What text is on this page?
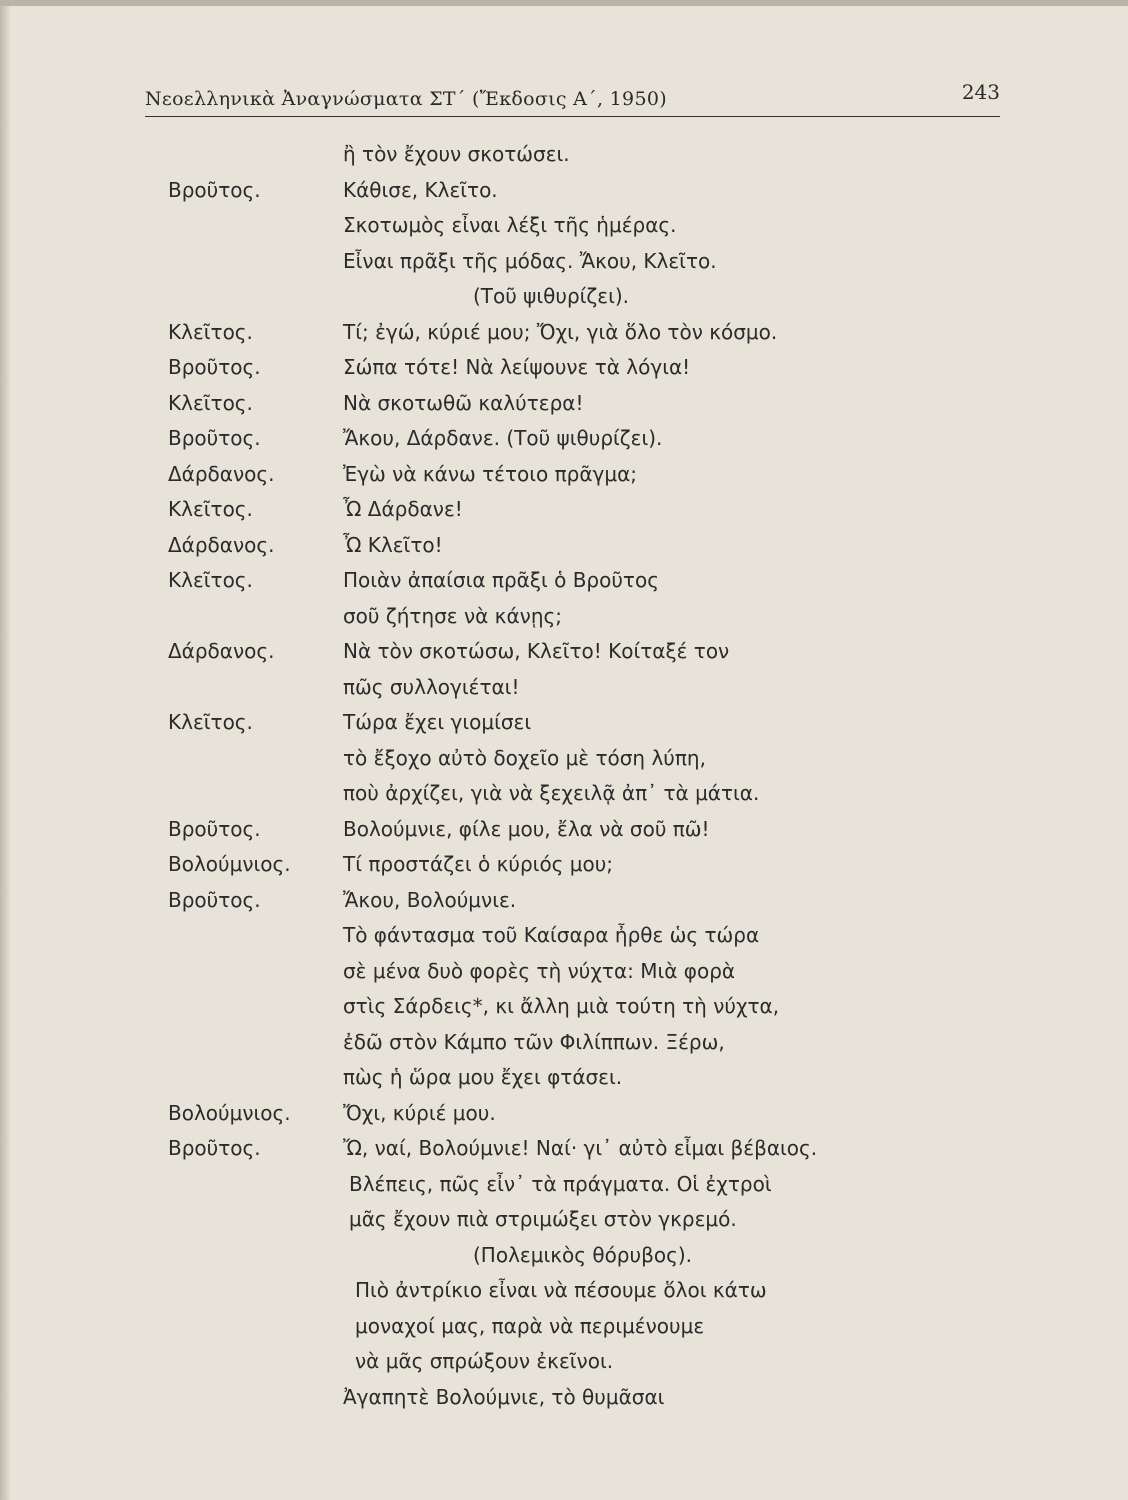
Νεοελληνικὰ Ἀναγνώσματα ΣΤ΄ (Ἔκδοσις Α΄, 1950)	243
ἢ τὸν ἔχουν σκοτώσει.
Βροῦτος.	Κάθισε, Κλεῖτο.
Σκοτωμὸς εἶναι λέξι τῆς ἡμέρας.
Εἶναι πρᾶξι τῆς μόδας. Ἄκου, Κλεῖτο.
(Τοῦ ψιθυρίζει).
Κλεῖτος.	Τί; ἐγώ, κύριέ μου; Ὄχι, γιὰ ὅλο τὸν κόσμο.
Βροῦτος.	Σώπα τότε! Νὰ λείψουνε τὰ λόγια!
Κλεῖτος.	Νὰ σκοτωθῶ καλύτερα!
Βροῦτος.	Ἄκου, Δάρδανε. (Τοῦ ψιθυρίζει).
Δάρδανος.	Ἐγὼ νὰ κάνω τέτοιο πρᾶγμα;
Κλεῖτος.	Ὦ Δάρδανε!
Δάρδανος.	Ὦ Κλεῖτο!
Κλεῖτος.	Ποιὰν ἀπαίσια πρᾶξι ὁ Βροῦτος
σοῦ ζήτησε νὰ κάνῃς;
Δάρδανος.	Νὰ τὸν σκοτώσω, Κλεῖτο! Κοίταξέ τον
πῶς συλλογιέται!
Κλεῖτος.	Τώρα ἔχει γιομίσει
τὸ ἔξοχο αὐτὸ δοχεῖο μὲ τόση λύπη,
ποὺ ἀρχίζει, γιὰ νὰ ξεχειλᾷ ἀπ᾽ τὰ μάτια.
Βροῦτος.	Βολούμνιε, φίλε μου, ἔλα νὰ σοῦ πῶ!
Βολούμνιος.	Τί προστάζει ὁ κύριός μου;
Βροῦτος.	Ἄκου, Βολούμνιε.
Τὸ φάντασμα τοῦ Καίσαρα ἦρθε ὡς τώρα
σὲ μένα δυὸ φορὲς τὴ νύχτα: Μιὰ φορὰ
στὶς Σάρδεις*, κι ἄλλη μιὰ τούτη τὴ νύχτα,
ἐδῶ στὸν Κάμπο τῶν Φιλίππων. Ξέρω,
πὼς ἡ ὥρα μου ἔχει φτάσει.
Βολούμνιος.	Ὄχι, κύριέ μου.
Βροῦτος.	Ὤ, ναί, Βολούμνιε! Ναί· γι᾽ αὐτὸ εἶμαι βέβαιος.
Βλέπεις, πῶς εἶν᾽ τὰ πράγματα. Οἱ ἐχτροὶ
μᾶς ἔχουν πιὰ στριμώξει στὸν γκρεμό.
(Πολεμικὸς θόρυβος).
Πιὸ ἀντρίκιο εἶναι νὰ πέσουμε ὅλοι κάτω
μοναχοί μας, παρὰ νὰ περιμένουμε
νὰ μᾶς σπρώξουν ἐκεῖνοι.
Ἀγαπητὲ Βολούμνιε, τὸ θυμᾶσαι
